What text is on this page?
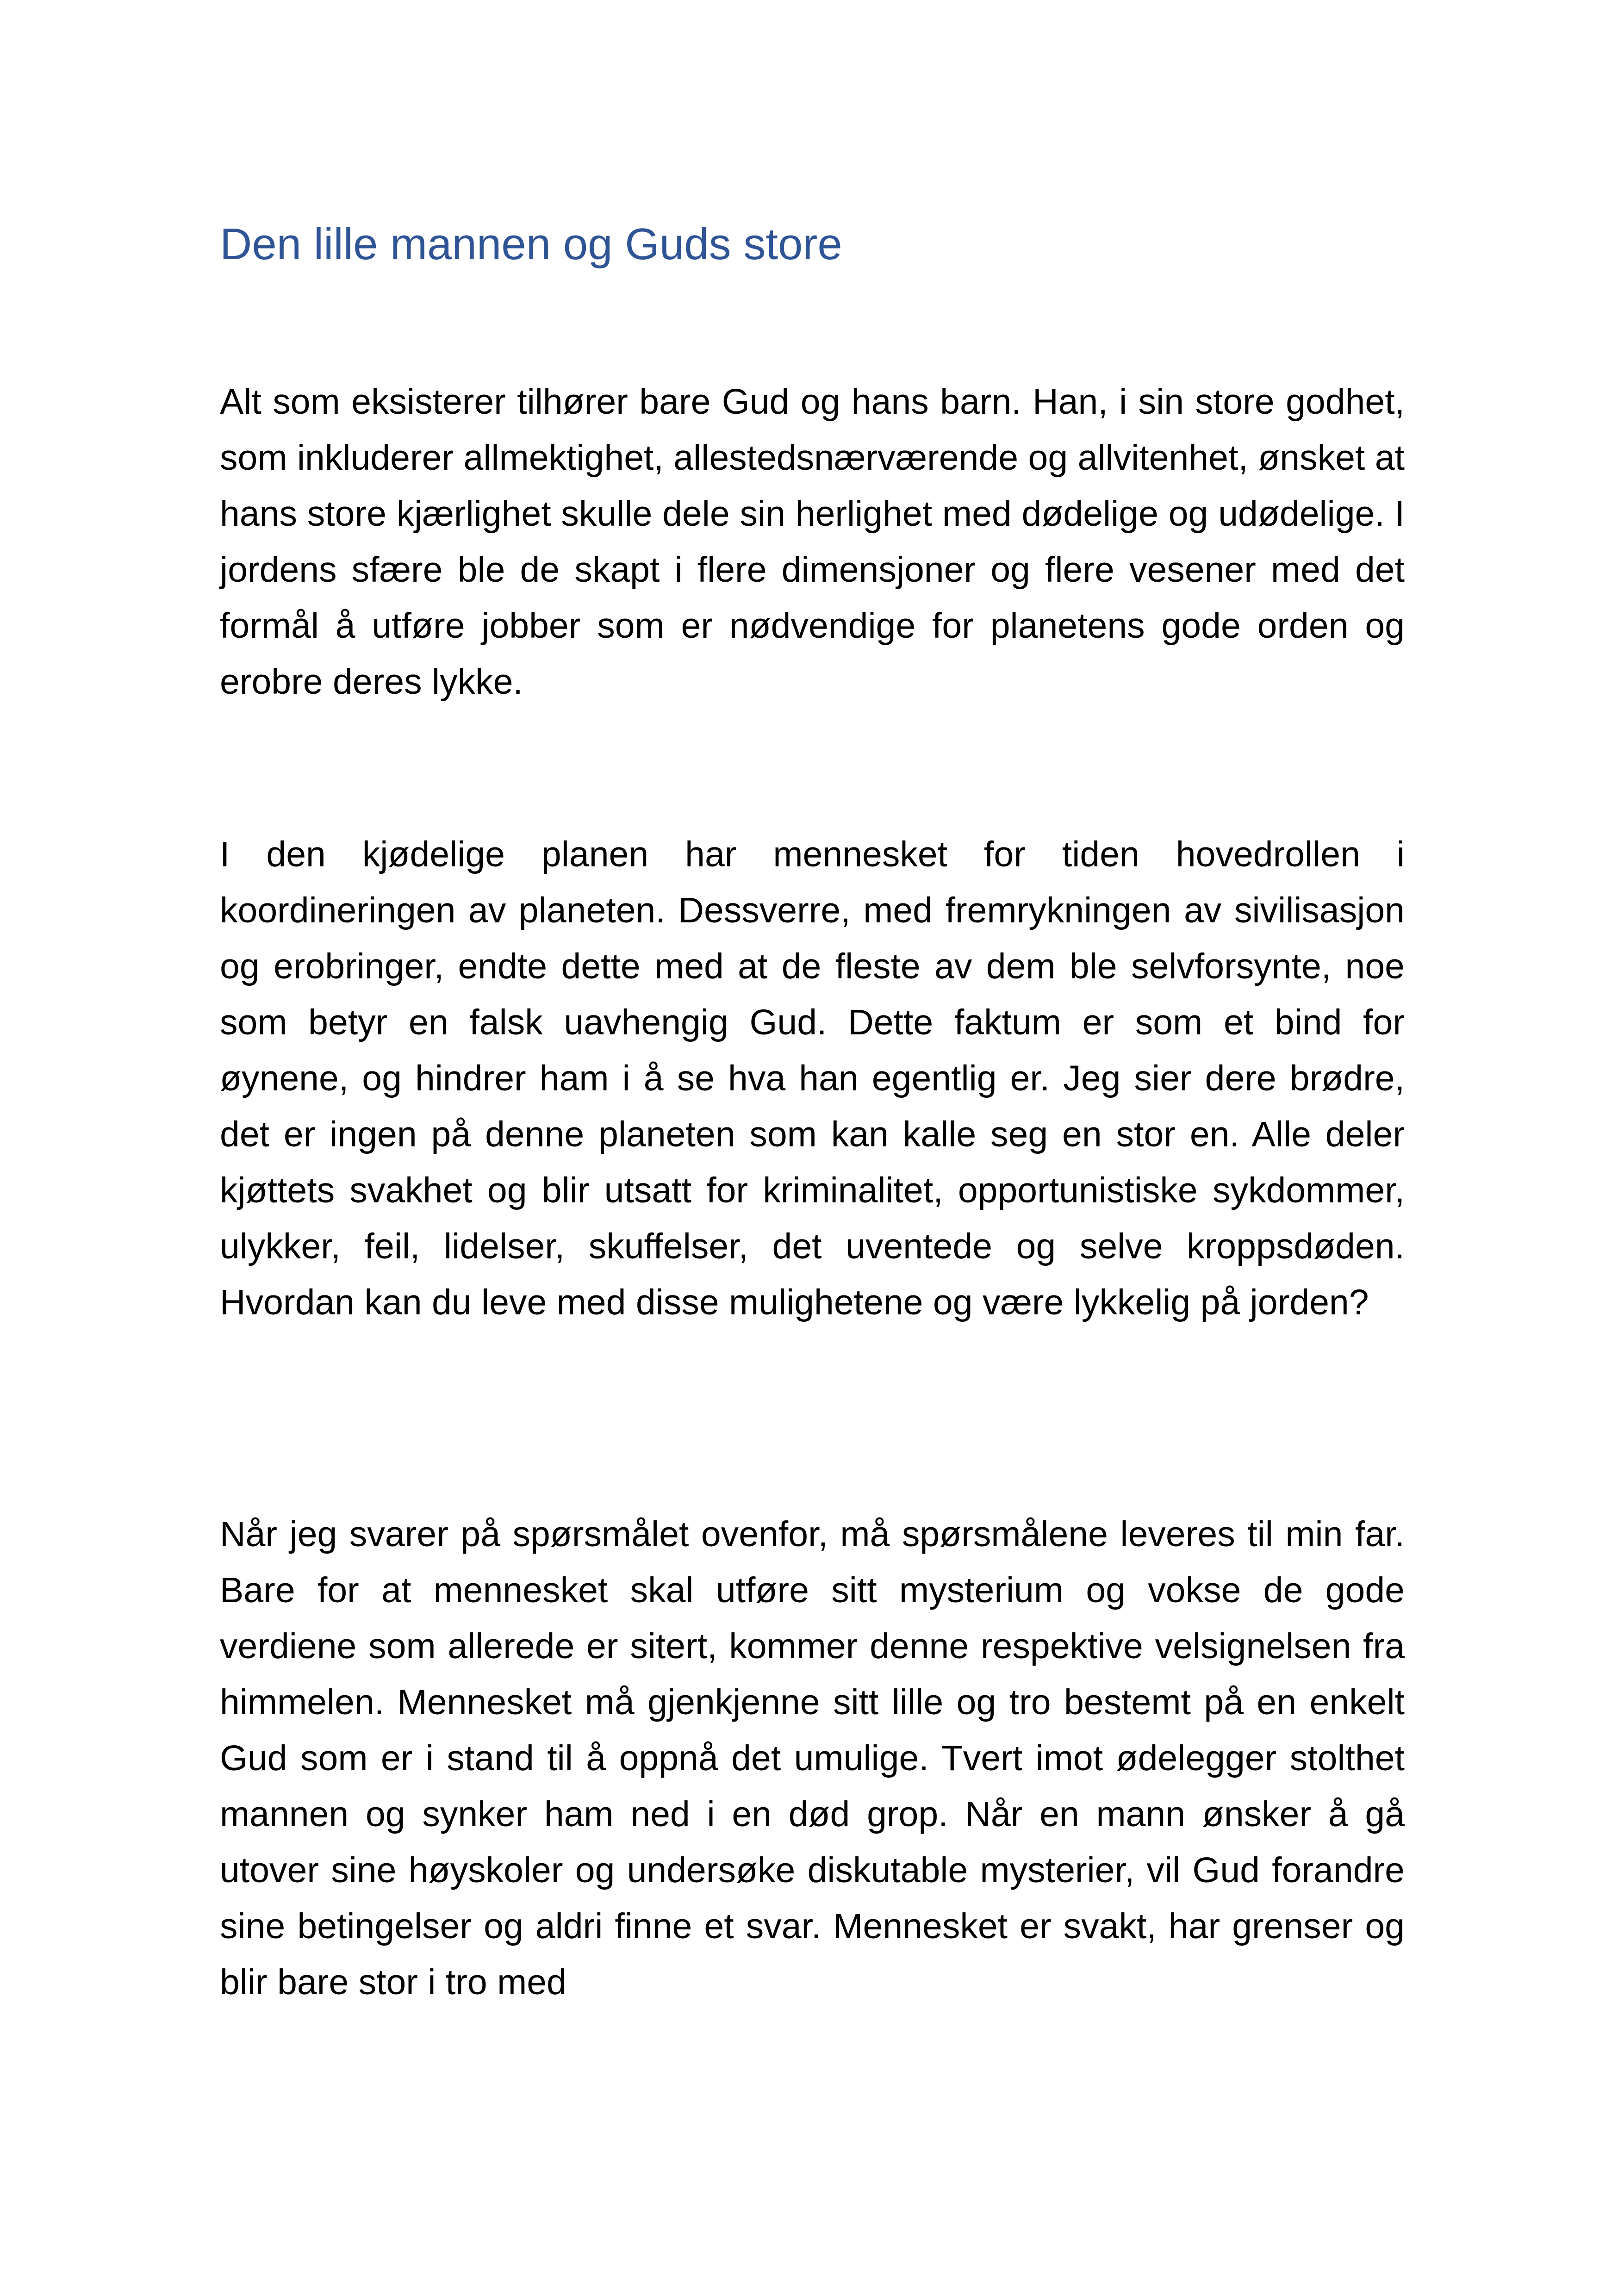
Den lille mannen og Guds store

Alt som eksisterer tilhører bare Gud og hans barn. Han, i sin store godhet, som inkluderer allmektighet, allestedsnærværende og allvitenhet, ønsket at hans store kjærlighet skulle dele sin herlighet med dødelige og udødelige. I jordens sfære ble de skapt i flere dimensjoner og flere vesener med det formål å utføre jobber som er nødvendige for planetens gode orden og erobre deres lykke.

I den kjødelige planen har mennesket for tiden hovedrollen i koordineringen av planeten. Dessverre, med fremrykningen av sivilisasjon og erobringer, endte dette med at de fleste av dem ble selvforsynte, noe som betyr en falsk uavhengig Gud. Dette faktum er som et bind for øynene, og hindrer ham i å se hva han egentlig er. Jeg sier dere brødre, det er ingen på denne planeten som kan kalle seg en stor en. Alle deler kjøttets svakhet og blir utsatt for kriminalitet, opportunistiske sykdommer, ulykker, feil, lidelser, skuffelser, det uventede og selve kroppsdøden. Hvordan kan du leve med disse mulighetene og være lykkelig på jorden?

Når jeg svarer på spørsmålet ovenfor, må spørsmålene leveres til min far. Bare for at mennesket skal utføre sitt mysterium og vokse de gode verdiene som allerede er sitert, kommer denne respektive velsignelsen fra himmelen. Mennesket må gjenkjenne sitt lille og tro bestemt på en enkelt Gud som er i stand til å oppnå det umulige. Tvert imot ødelegger stolthet mannen og synker ham ned i en død grop. Når en mann ønsker å gå utover sine høyskoler og undersøke diskutable mysterier, vil Gud forandre sine betingelser og aldri finne et svar. Mennesket er svakt, har grenser og blir bare stor i tro med
